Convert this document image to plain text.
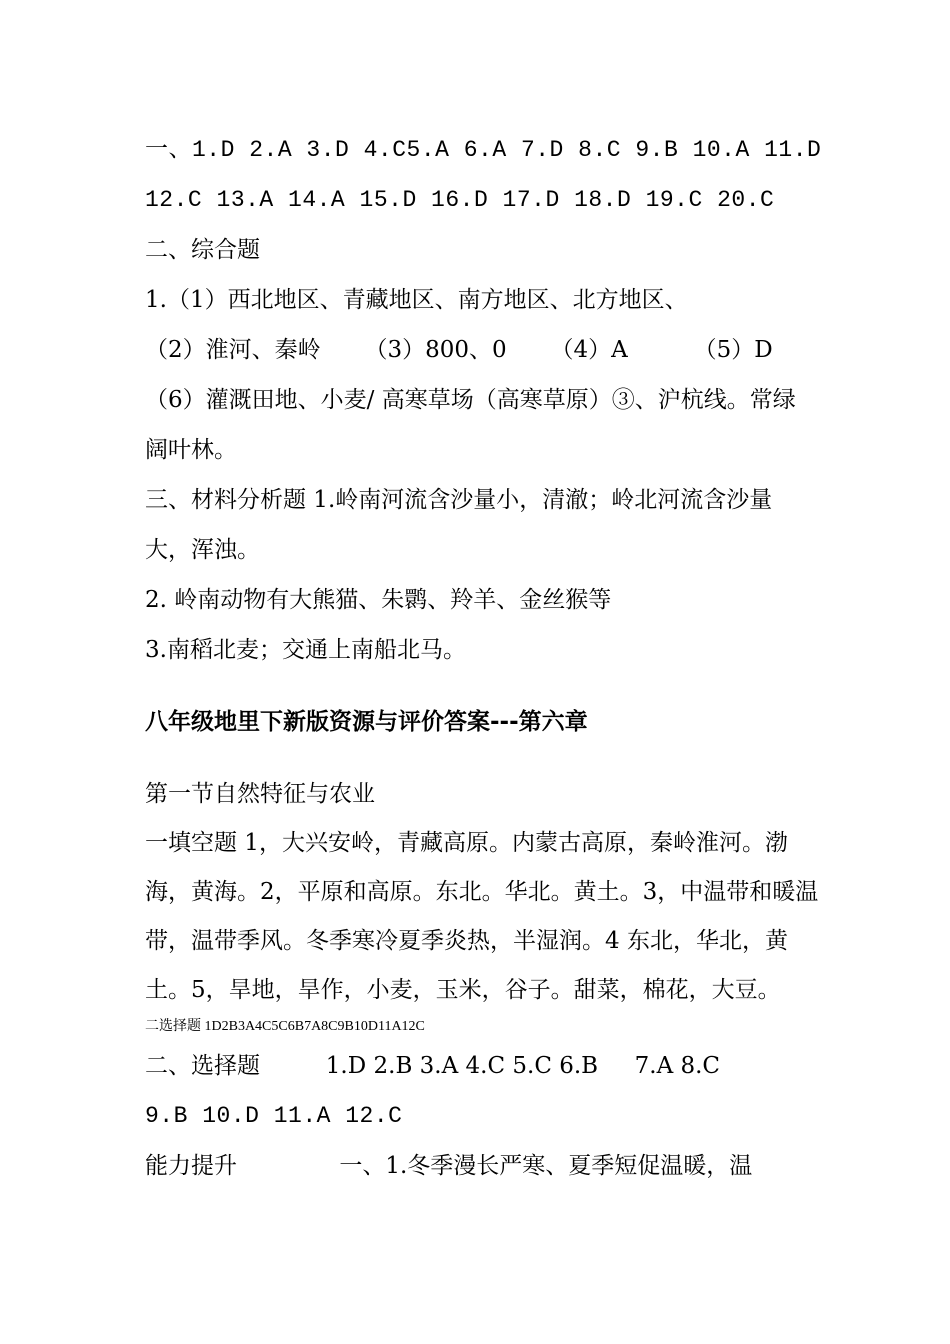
一、1.D 2.A 3.D 4.C5.A 6.A 7.D 8.C 9.B 10.A 11.D
12.C 13.A 14.A 15.D 16.D 17.D 18.D 19.C 20.C
二、综合题
1.（1）西北地区、青藏地区、南方地区、北方地区、
（2）淮河、秦岭      （3）800、0      （4）A         （5）D
（6）灌溉田地、小麦/ 高寒草场（高寒草原）③、沪杭线。常绿
阔叶林。
三、材料分析题 1.岭南河流含沙量小，清澈；岭北河流含沙量
大，浑浊。
2. 岭南动物有大熊猫、朱鹮、羚羊、金丝猴等
3.南稻北麦；交通上南船北马。
八年级地里下新版资源与评价答案---第六章
第一节自然特征与农业
一填空题 1，大兴安岭，青藏高原。内蒙古高原，秦岭淮河。渤
海，黄海。2，平原和高原。东北。华北。黄土。3，中温带和暖温
带，温带季风。冬季寒冷夏季炎热，半湿润。4 东北，华北，黄
土。5，旱地，旱作，小麦，玉米，谷子。甜菜，棉花，大豆。
二选择题 1D2B3A4C5C6B7A8C9B10D11A12C
二、选择题         1.D 2.B 3.A 4.C 5.C 6.B     7.A 8.C
9.B 10.D 11.A 12.C
能力提升              一、1.冬季漫长严寒、夏季短促温暖，温
